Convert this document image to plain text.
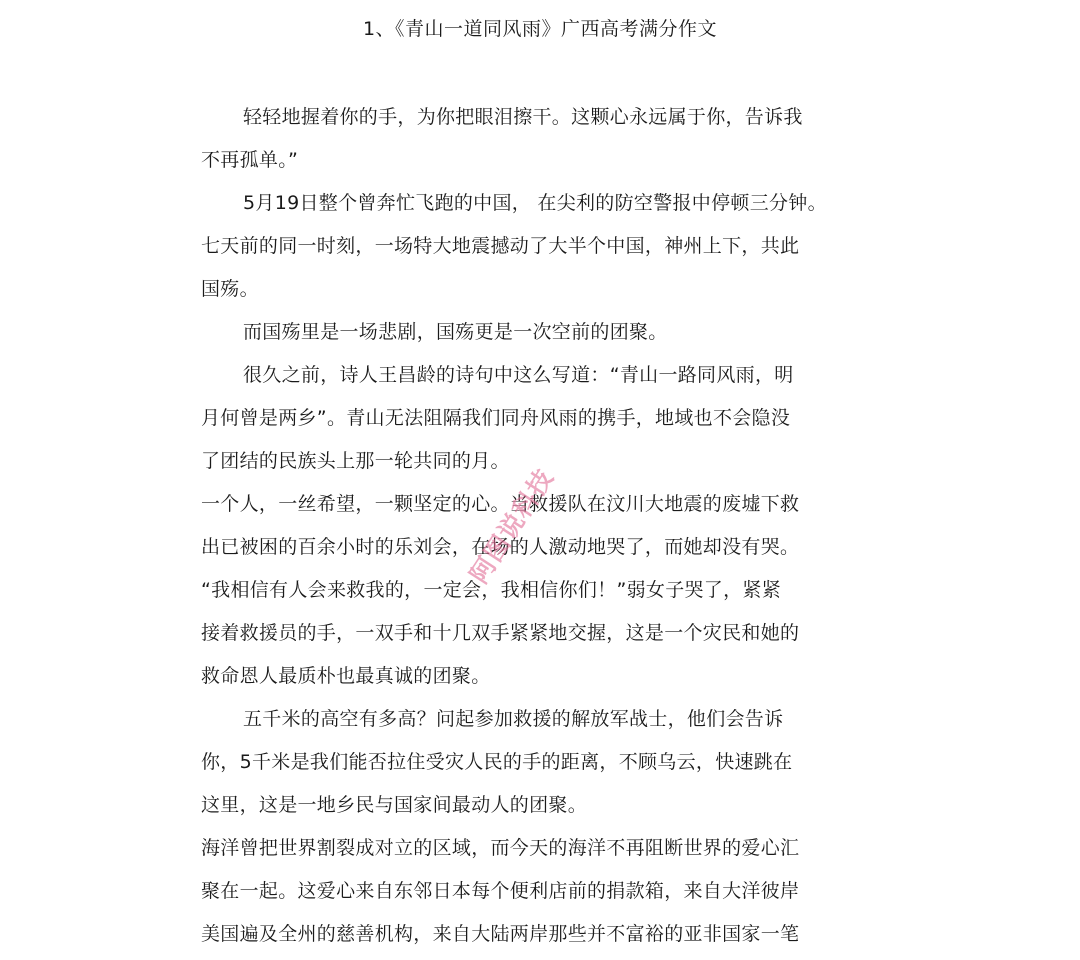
1、《青山一道同风雨》广西高考满分作文
轻轻地握着你的手，为你把眼泪擦干。这颗心永远属于你，告诉我
不再孤单。”
5月19日整个曾奔忙飞跑的中国， 在尖利的防空警报中停顿三分钟。
七天前的同一时刻，一场特大地震撼动了大半个中国，神州上下，共此
国殇。
而国殇里是一场悲剧，国殇更是一次空前的团聚。
很久之前，诗人王昌龄的诗句中这么写道：“青山一路同风雨，明
月何曾是两乡”。青山无法阻隔我们同舟风雨的携手，地域也不会隐没
了团结的民族头上那一轮共同的月。
一个人，一丝希望，一颗坚定的心。当救援队在汶川大地震的废墟下救
出已被困的百余小时的乐刘会，在场的人激动地哭了，而她却没有哭。
“我相信有人会来救我的，一定会，我相信你们！”弱女子哭了，紧紧
接着救援员的手，一双手和十几双手紧紧地交握，这是一个灾民和她的
救命恩人最质朴也最真诚的团聚。
五千米的高空有多高？问起参加救援的解放军战士，他们会告诉
你，5千米是我们能否拉住受灾人民的手的距离，不顾乌云，快速跳在
这里，这是一地乡民与国家间最动人的团聚。
海洋曾把世界割裂成对立的区域，而今天的海洋不再阻断世界的爱心汇
聚在一起。这爱心来自东邻日本每个便利店前的捐款箱，来自大洋彼岸
美国遍及全州的慈善机构，来自大陆两岸那些并不富裕的亚非国家一笔
阿图说科技
